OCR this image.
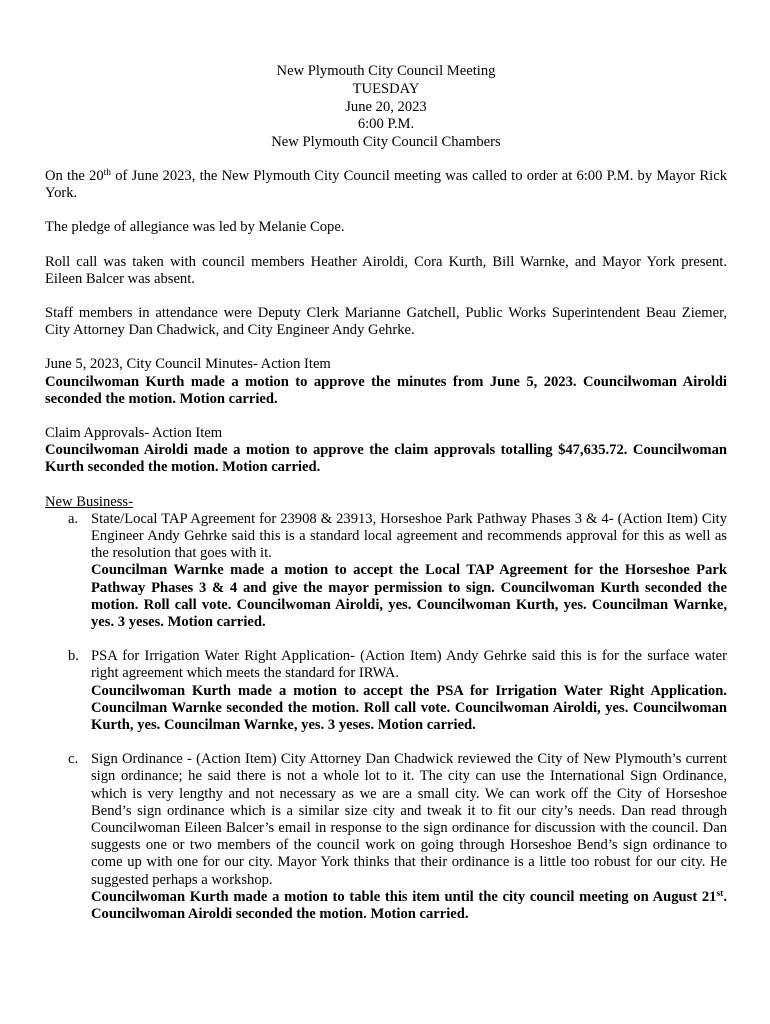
New Plymouth City Council Meeting
TUESDAY
June 20, 2023
6:00 P.M.
New Plymouth City Council Chambers

On the 20th of June 2023, the New Plymouth City Council meeting was called to order at 6:00 P.M. by Mayor Rick York.

The pledge of allegiance was led by Melanie Cope.

Roll call was taken with council members Heather Airoldi, Cora Kurth, Bill Warnke, and Mayor York present. Eileen Balcer was absent.

Staff members in attendance were Deputy Clerk Marianne Gatchell, Public Works Superintendent Beau Ziemer, City Attorney Dan Chadwick, and City Engineer Andy Gehrke.

June 5, 2023, City Council Minutes- Action Item
Councilwoman Kurth made a motion to approve the minutes from June 5, 2023. Councilwoman Airoldi seconded the motion. Motion carried.
Claim Approvals- Action Item
Councilwoman Airoldi made a motion to approve the claim approvals totalling $47,635.72. Councilwoman Kurth seconded the motion. Motion carried.
New Business-
a. State/Local TAP Agreement for 23908 & 23913, Horseshoe Park Pathway Phases 3 & 4- (Action Item) City Engineer Andy Gehrke said this is a standard local agreement and recommends approval for this as well as the resolution that goes with it.
Councilman Warnke made a motion to accept the Local TAP Agreement for the Horseshoe Park Pathway Phases 3 & 4 and give the mayor permission to sign. Councilwoman Kurth seconded the motion. Roll call vote. Councilwoman Airoldi, yes. Councilwoman Kurth, yes. Councilman Warnke, yes. 3 yeses. Motion carried.
b. PSA for Irrigation Water Right Application- (Action Item) Andy Gehrke said this is for the surface water right agreement which meets the standard for IRWA.
Councilwoman Kurth made a motion to accept the PSA for Irrigation Water Right Application. Councilman Warnke seconded the motion. Roll call vote. Councilwoman Airoldi, yes. Councilwoman Kurth, yes. Councilman Warnke, yes. 3 yeses. Motion carried.
c. Sign Ordinance - (Action Item) City Attorney Dan Chadwick reviewed the City of New Plymouth’s current sign ordinance; he said there is not a whole lot to it. The city can use the International Sign Ordinance, which is very lengthy and not necessary as we are a small city. We can work off the City of Horseshoe Bend’s sign ordinance which is a similar size city and tweak it to fit our city’s needs. Dan read through Councilwoman Eileen Balcer’s email in response to the sign ordinance for discussion with the council. Dan suggests one or two members of the council work on going through Horseshoe Bend’s sign ordinance to come up with one for our city. Mayor York thinks that their ordinance is a little too robust for our city. He suggested perhaps a workshop.
Councilwoman Kurth made a motion to table this item until the city council meeting on August 21st. Councilwoman Airoldi seconded the motion. Motion carried.
